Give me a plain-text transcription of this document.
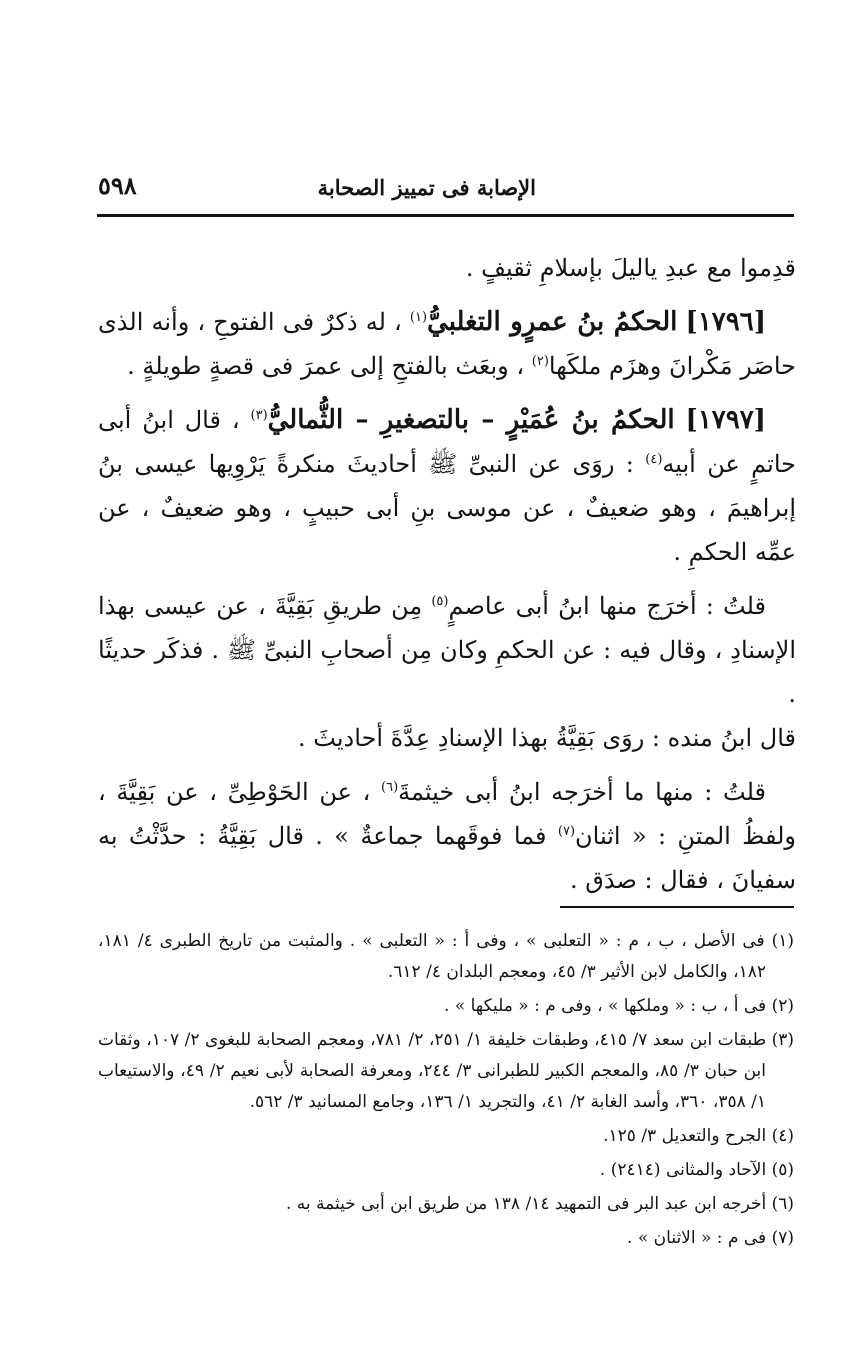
الإصابة فى تمييز الصحابة
٥٩٨

قدِموا مع عبدِ ياليلَ بإسلامِ ثقيفٍ .

[١٧٩٦] الحكمُ بنُ عمرٍو التغلبيُّ$^{(١)}$ ، له ذكرٌ فى الفتوحِ ، وأنه الذى حاصَر مَكْرانَ وهزَم ملكَها$^{(٢)}$ ، وبعَث بالفتحِ إلى عمرَ فى قصةٍ طويلةٍ .

[١٧٩٧] الحكمُ بنُ عُمَيْرٍ – بالتصغيرِ – الثُّماليُّ$^{(٣)}$ ، قال ابنُ أبى حاتمٍ عن أبيه$^{(٤)}$ : روَى عن النبىِّ ﷺ أحاديثَ منكرةً يَرْوِيها عيسى بنُ إبراهيمَ ، وهو ضعيفٌ ، عن موسى بنِ أبى حبيبٍ ، وهو ضعيفٌ ، عن عمِّه الحكمِ .

قلتُ : أخرَج منها ابنُ أبى عاصمٍ$^{(٥)}$ مِن طريقِ بَقِيَّةَ ، عن عيسى بهذا الإسنادِ ، وقال فيه : عن الحكمِ وكان مِن أصحابِ النبىِّ ﷺ . فذكَر حديثًا .

قال ابنُ منده : روَى بَقِيَّةُ بهذا الإسنادِ عِدَّةَ أحاديثَ .

قلتُ : منها ما أخرَجه ابنُ أبى خيثمةَ$^{(٦)}$ ، عن الحَوْطِىِّ ، عن بَقِيَّةَ ، ولفظُ المتنِ : « اثنان$^{(٧)}$ فما فوقَهما جماعةٌ » . قال بَقِيَّةُ : حدَّثْتُ به سفيانَ ، فقال : صدَق .

(١) فى الأصل ، ب ، م : « التعلبى » ، وفى أ : « التعلبى » . والمثبت من تاريخ الطبرى ٤/ ١٨١، ١٨٢، والكامل لابن الأثير ٣/ ٤٥، ومعجم البلدان ٤/ ٦١٢.

(٢) فى أ ، ب : « وملكها » ، وفى م : « مليكها » .

(٣) طبقات ابن سعد ٧/ ٤١٥، وطبقات خليفة ١/ ٢٥١، ٢/ ٧٨١، ومعجم الصحابة للبغوى ٢/ ١٠٧، وثقات ابن حبان ٣/ ٨٥، والمعجم الكبير للطبرانى ٣/ ٢٤٤، ومعرفة الصحابة لأبى نعيم ٢/ ٤٩، والاستيعاب ١/ ٣٥٨، ٣٦٠، وأسد الغابة ٢/ ٤١، والتجريد ١/ ١٣٦، وجامع المسانيد ٣/ ٥٦٢.

(٤) الجرح والتعديل ٣/ ١٢٥.

(٥) الآحاد والمثانى (٢٤١٤) .

(٦) أخرجه ابن عبد البر فى التمهيد ١٤/ ١٣٨ من طريق ابن أبى خيثمة به .

(٧) فى م : « الاثنان » .
